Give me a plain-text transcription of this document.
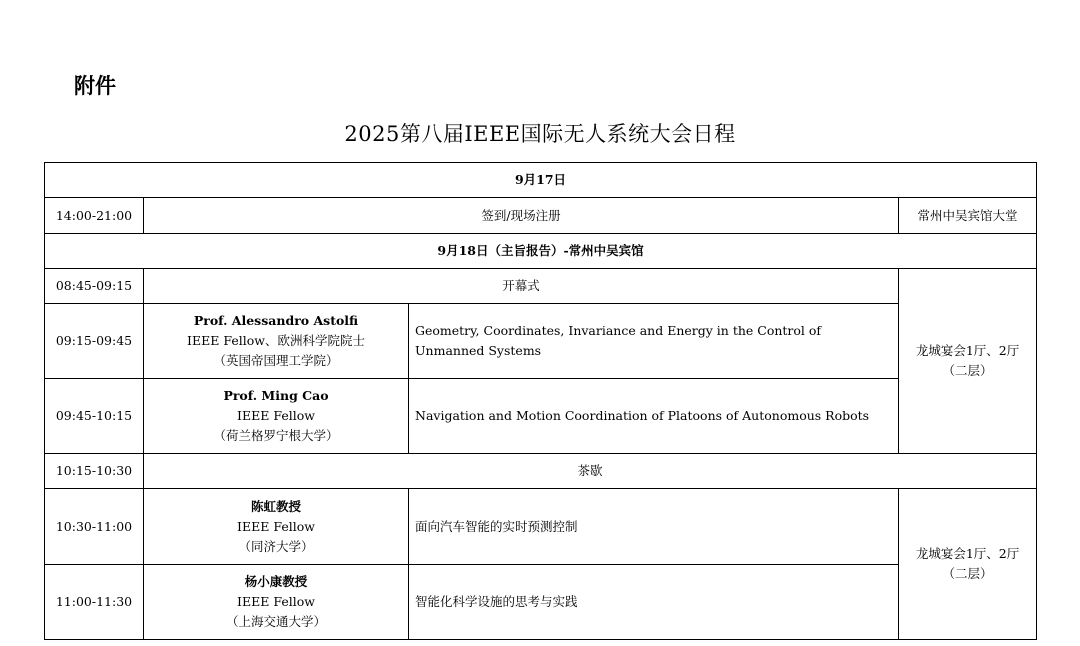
附件
2025第八届IEEE国际无人系统大会日程
9月17日			
14:00-21:00	签到/现场注册		常州中吴宾馆大堂
9月18日（主旨报告）-常州中吴宾馆			
08:45-09:15	开幕式		龙城宴会1厅、2厅
（二层）

09:15-09:45	Prof. Alessandro Astolfi
IEEE Fellow、欧洲科学院院士
（英国帝国理工学院）	Geometry, Coordinates, Invariance and Energy in the Control of Unmanned Systems	
09:45-10:15	Prof. Ming Cao
IEEE Fellow
（荷兰格罗宁根大学）	Navigation and Motion Coordination of Platoons of Autonomous Robots	
10:15-10:30	茶歇		
10:30-11:00	陈虹教授
IEEE Fellow
（同济大学）	面向汽车智能的实时预测控制	龙城宴会1厅、2厅
（二层）

11:00-11:30	杨小康教授
IEEE Fellow
（上海交通大学）	智能化科学设施的思考与实践	
